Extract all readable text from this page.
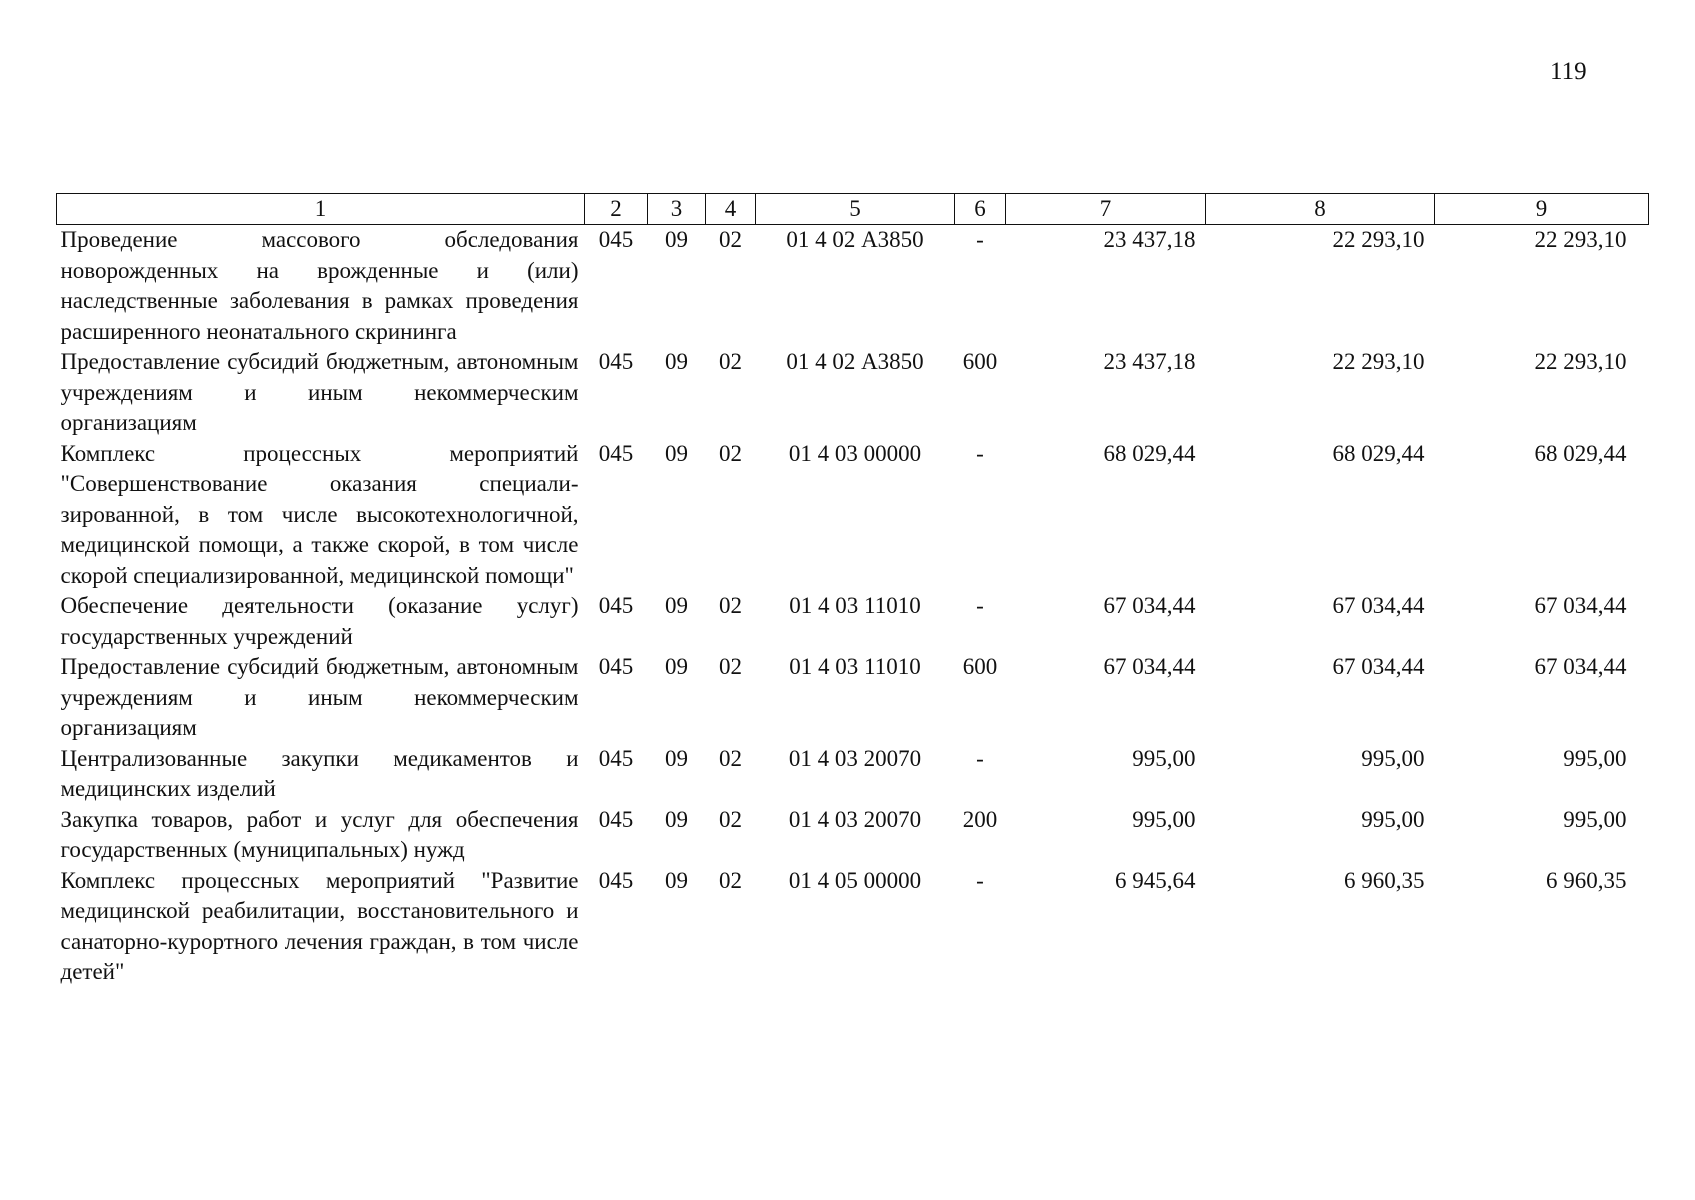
119
1	2	3	4	5	6	7	8	9
Проведение массового обследования новорожденных на врожденные и (или) наследственные заболевания в рамках проведения расширенного неонатального скрининга	045	09	02	01 4 02 А3850	-	23 437,18	22 293,10	22 293,10
Предоставление субсидий бюджетным, автономным учреждениям и иным некоммерческим организациям	045	09	02	01 4 02 А3850	600	23 437,18	22 293,10	22 293,10
Комплекс процессных мероприятий "Совершенствование оказания специали-зированной, в том числе высокотехнологичной, медицинской помощи, а также скорой, в том числе скорой специализированной, медицинской помощи"	045	09	02	01 4 03 00000	-	68 029,44	68 029,44	68 029,44
Обеспечение деятельности (оказание услуг) государственных учреждений	045	09	02	01 4 03 11010	-	67 034,44	67 034,44	67 034,44
Предоставление субсидий бюджетным, автономным учреждениям и иным некоммерческим организациям	045	09	02	01 4 03 11010	600	67 034,44	67 034,44	67 034,44
Централизованные закупки медикаментов и медицинских изделий	045	09	02	01 4 03 20070	-	995,00	995,00	995,00
Закупка товаров, работ и услуг для обеспечения государственных (муниципальных) нужд	045	09	02	01 4 03 20070	200	995,00	995,00	995,00
Комплекс процессных мероприятий "Развитие медицинской реабилитации, восстановительного и санаторно-курортного лечения граждан, в том числе детей"	045	09	02	01 4 05 00000	-	6 945,64	6 960,35	6 960,35
